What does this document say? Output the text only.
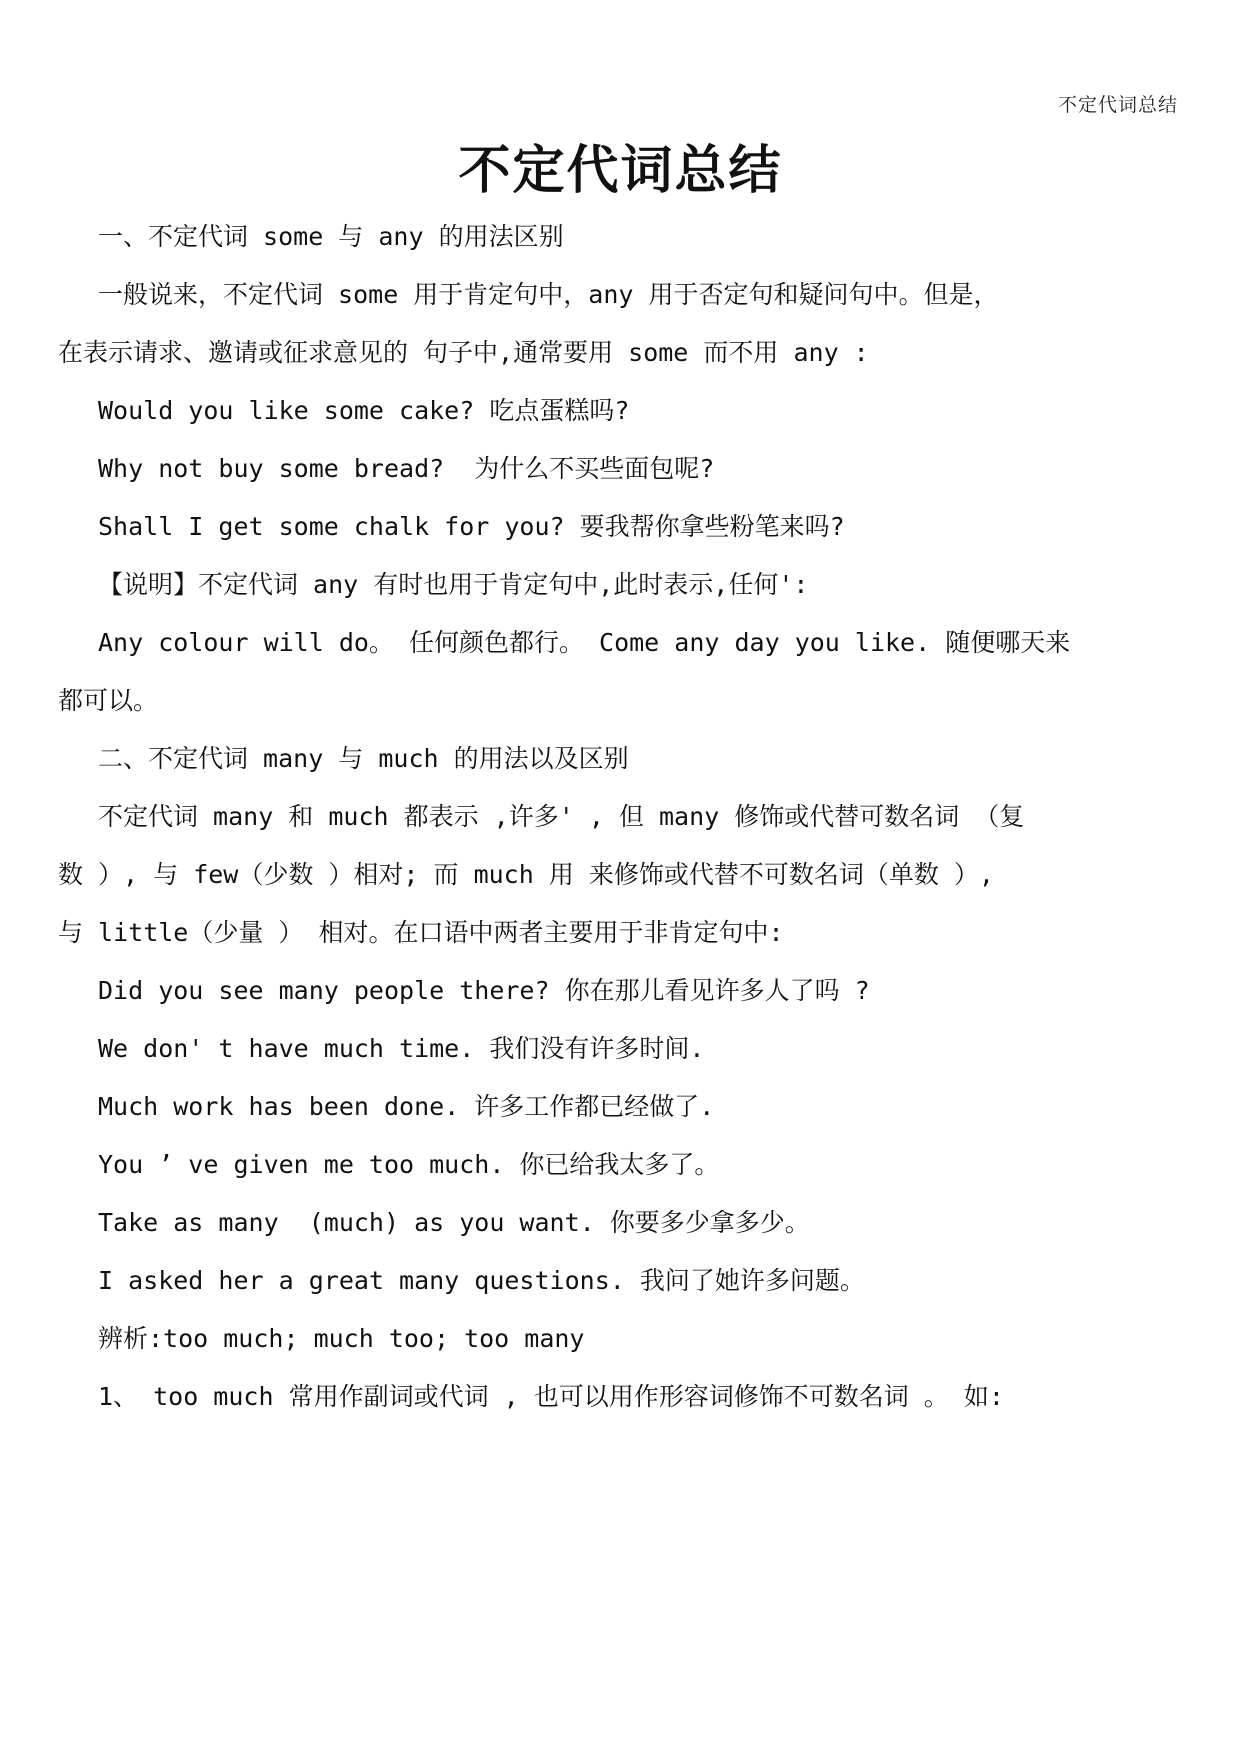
不定代词总结
不定代词总结
一、不定代词 some 与 any 的用法区别
一般说来，不定代词 some 用于肯定句中，any 用于否定句和疑问句中。但是，
在表示请求、邀请或征求意见的 句子中,通常要用 some 而不用 any :
Would you like some cake? 吃点蛋糕吗?
Why not buy some bread?  为什么不买些面包呢?
Shall I get some chalk for you? 要我帮你拿些粉笔来吗?
【说明】不定代词 any 有时也用于肯定句中,此时表示,任何':
Any colour will do。 任何颜色都行。 Come any day you like. 随便哪天来
都可以。
二、不定代词 many 与 much 的用法以及区别
不定代词 many 和 much 都表示 ,许多' , 但 many 修饰或代替可数名词 （复
数 ）, 与 few（少数 ）相对; 而 much 用 来修饰或代替不可数名词（单数 ）,
与 little（少量 ） 相对。在口语中两者主要用于非肯定句中:
Did you see many people there? 你在那儿看见许多人了吗 ?
We don' t have much time. 我们没有许多时间.
Much work has been done. 许多工作都已经做了.
You ’ ve given me too much. 你已给我太多了。
Take as many  (much) as you want. 你要多少拿多少。
I asked her a great many questions. 我问了她许多问题。
辨析:too much; much too; too many
1、 too much 常用作副词或代词 , 也可以用作形容词修饰不可数名词 。 如:
